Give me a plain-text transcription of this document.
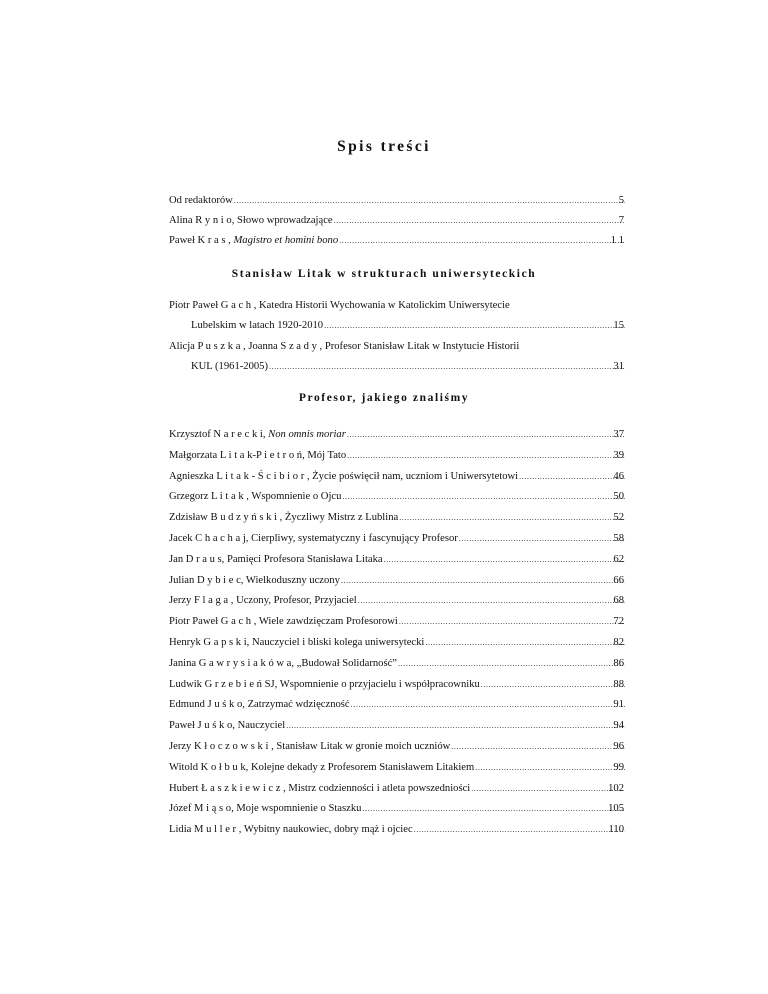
Spis treści
Od redaktorów .....	5
Alina R y n i o, Słowo wprowadzające .....	7
Paweł K r a s , Magistro et homini bono .....	1 1
Stanisław Litak w strukturach uniwersyteckich
Piotr Paweł G a c h , Katedra Historii Wychowania w Katolickim Uniwersytecie
Lubelskim w latach 1920-2010 .....	15
Alicja P u s z k a , Joanna S z a d y , Profesor Stanisław Litak w Instytucie Historii
KUL (1961-2005) .....	31
Profesor, jakiego znaliśmy
Krzysztof N a r e c k i, Non omnis moriar .....	37
Małgorzata L i t a k-P i e t r o ń, Mój Tato .....	39
Agnieszka L i t a k - Ś c i b i o r , Życie poświęcił nam, uczniom i Uniwersytetowi .....	46
Grzegorz L i t a k , Wspomnienie o Ojcu .....	50
Zdzisław B u d z y ń s k i , Życzliwy Mistrz z Lublina .....	52
Jacek C h a c h a j, Cierpliwy, systematyczny i fascynujący Profesor .....	58
Jan D r a u s, Pamięci Profesora Stanisława Litaka .....	62
Julian D y b i e c, Wielkoduszny uczony .....	66
Jerzy F l a g a , Uczony, Profesor, Przyjaciel .....	68
Piotr Paweł G a c h , Wiele zawdzięczam Profesorowi .....	72
Henryk G a p s k i, Nauczyciel i bliski kolega uniwersytecki .....	82
Janina G a w r y s i a k ó w a, „Budował Solidarność” .....	86
Ludwik G r z e b i e ń SJ, Wspomnienie o przyjacielu i współpracowniku .....	88
Edmund J u ś k o, Zatrzymać wdzięczność .....	91
Paweł J u ś k o, Nauczyciel .....	94
Jerzy K ł o c z o w s k i , Stanisław Litak w gronie moich uczniów .....	96
Witold K o ł b u k, Kolejne dekady z Profesorem Stanisławem Litakiem .....	99
Hubert Ł a s z k i e w i c z , Mistrz codzienności i atleta powszedniości .....	102
Józef M i ą s o, Moje wspomnienie o Staszku .....	105
Lidia M u l l e r , Wybitny naukowiec, dobry mąż i ojciec .....	110
